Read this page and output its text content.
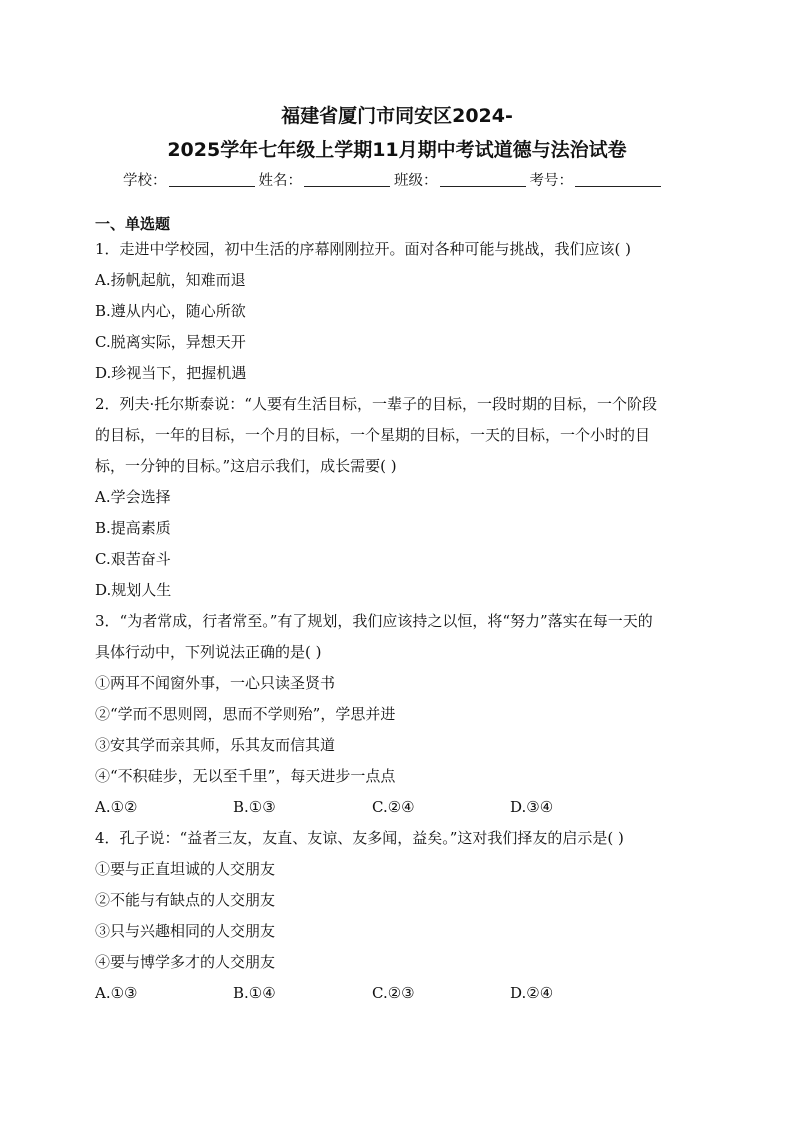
福建省厦门市同安区2024-
2025学年七年级上学期11月期中考试道德与法治试卷
学校：	姓名：	班级：	考号：
一、单选题
1．走进中学校园，初中生活的序幕刚刚拉开。面对各种可能与挑战，我们应该( )
A.扬帆起航，知难而退
B.遵从内心，随心所欲
C.脱离实际，异想天开
D.珍视当下，把握机遇
2．列夫·托尔斯泰说：“人要有生活目标，一辈子的目标，一段时期的目标，一个阶段
的目标，一年的目标，一个月的目标，一个星期的目标，一天的目标，一个小时的目
标，一分钟的目标。”这启示我们，成长需要( )
A.学会选择
B.提高素质
C.艰苦奋斗
D.规划人生
3．“为者常成，行者常至。”有了规划，我们应该持之以恒，将“努力”落实在每一天的
具体行动中，下列说法正确的是( )
①两耳不闻窗外事，一心只读圣贤书
②“学而不思则罔，思而不学则殆”，学思并进
③安其学而亲其师，乐其友而信其道
④“不积硅步，无以至千里”，每天进步一点点
A.①②	B.①③	C.②④	D.③④
4．孔子说：“益者三友，友直、友谅、友多闻，益矣。”这对我们择友的启示是( )
①要与正直坦诚的人交朋友
②不能与有缺点的人交朋友
③只与兴趣相同的人交朋友
④要与博学多才的人交朋友
A.①③	B.①④	C.②③	D.②④
